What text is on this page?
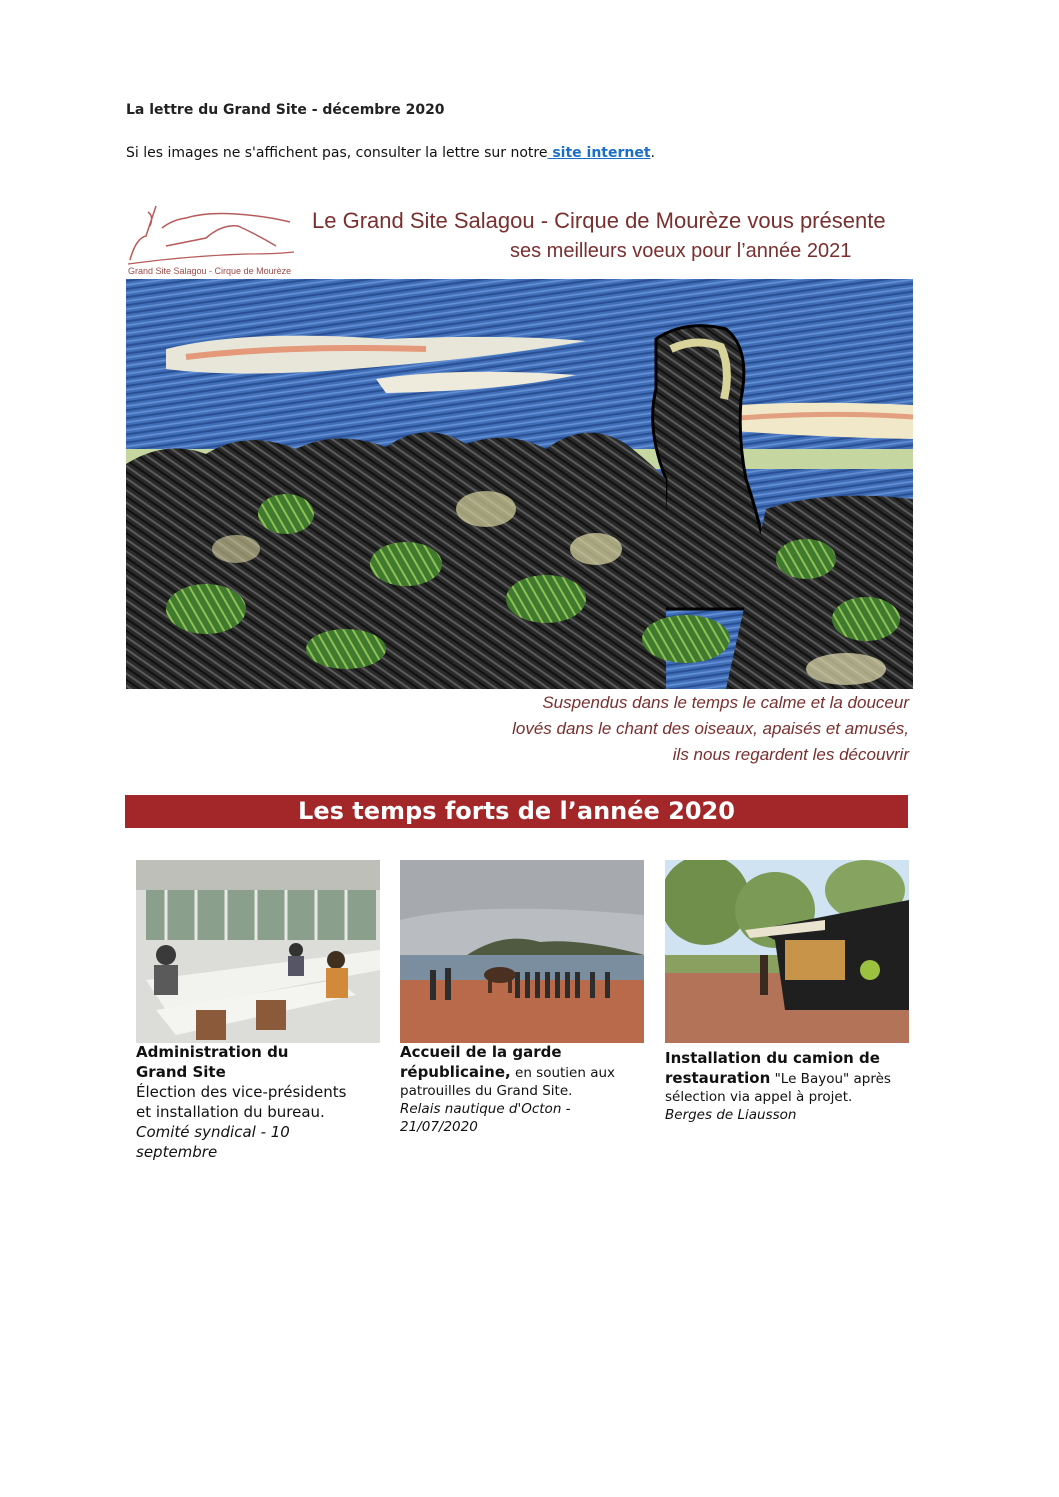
La lettre du Grand Site - décembre 2020
Si les images ne s'affichent pas, consulter la lettre sur notre site internet.
Grand Site Salagou - Cirque de Mourèze
Le Grand Site Salagou - Cirque de Mourèze vous présente
ses meilleurs voeux pour l’année 2021
Suspendus dans le temps le calme et la douceur
lovés dans le chant des oiseaux, apaisés et amusés,
ils nous regardent les découvrir
Les temps forts de l’année 2020
Administration du
Grand Site
Élection des vice-présidents
et installation du bureau.
Comité syndical - 10
septembre
Accueil de la garde
républicaine, en soutien aux
patrouilles du Grand Site.
Relais nautique d'Octon -
21/07/2020
Installation du camion de
restauration "Le Bayou" après
sélection via appel à projet.
Berges de Liausson
